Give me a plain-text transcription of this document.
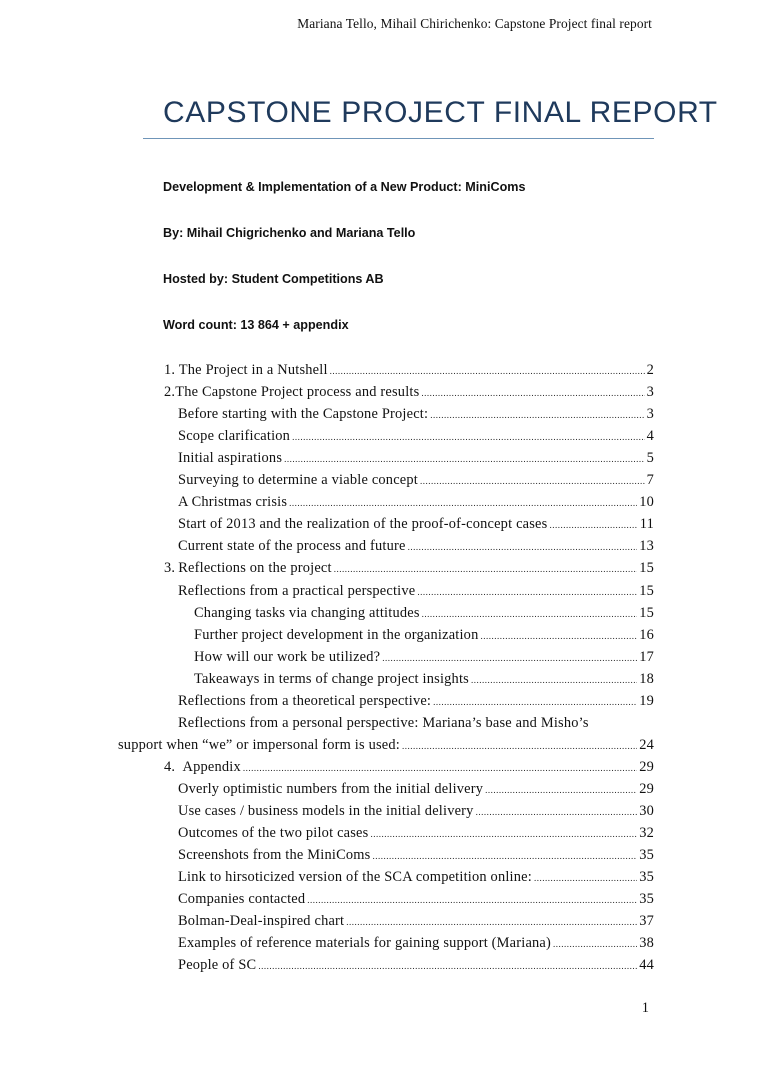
Mariana Tello, Mihail Chirichenko: Capstone Project final report
CAPSTONE PROJECT FINAL REPORT
Development & Implementation of a New Product: MiniComs
By: Mihail Chigrichenko and Mariana Tello
Hosted by: Student Competitions AB
Word count: 13 864 + appendix
1. The Project in a Nutshell .....	2
2. The Capstone Project process and results .....	3
Before starting with the Capstone Project: .....	3
Scope clarification .....	4
Initial aspirations .....	5
Surveying to determine a viable concept .....	7
A Christmas crisis .....	10
Start of 2013 and the realization of the proof-of-concept cases .....	11
Current state of the process and future .....	13
3. Reflections on the project .....	15
Reflections from a practical perspective .....	15
Changing tasks via changing attitudes .....	15
Further project development in the organization .....	16
How will our work be utilized? .....	17
Takeaways in terms of change project insights .....	18
Reflections from a theoretical perspective: .....	19
Reflections from a personal perspective: Mariana’s base and Misho’s
support when “we” or impersonal form is used: .....	24
4. Appendix .....	29
Overly optimistic numbers from the initial delivery .....	29
Use cases / business models in the initial delivery .....	30
Outcomes of the two pilot cases .....	32
Screenshots from the MiniComs .....	35
Link to hirsoticized version of the SCA competition online: .....	35
Companies contacted .....	35
Bolman-Deal-inspired chart .....	37
Examples of reference materials for gaining support (Mariana) .....	38
People of SC .....	44
1
